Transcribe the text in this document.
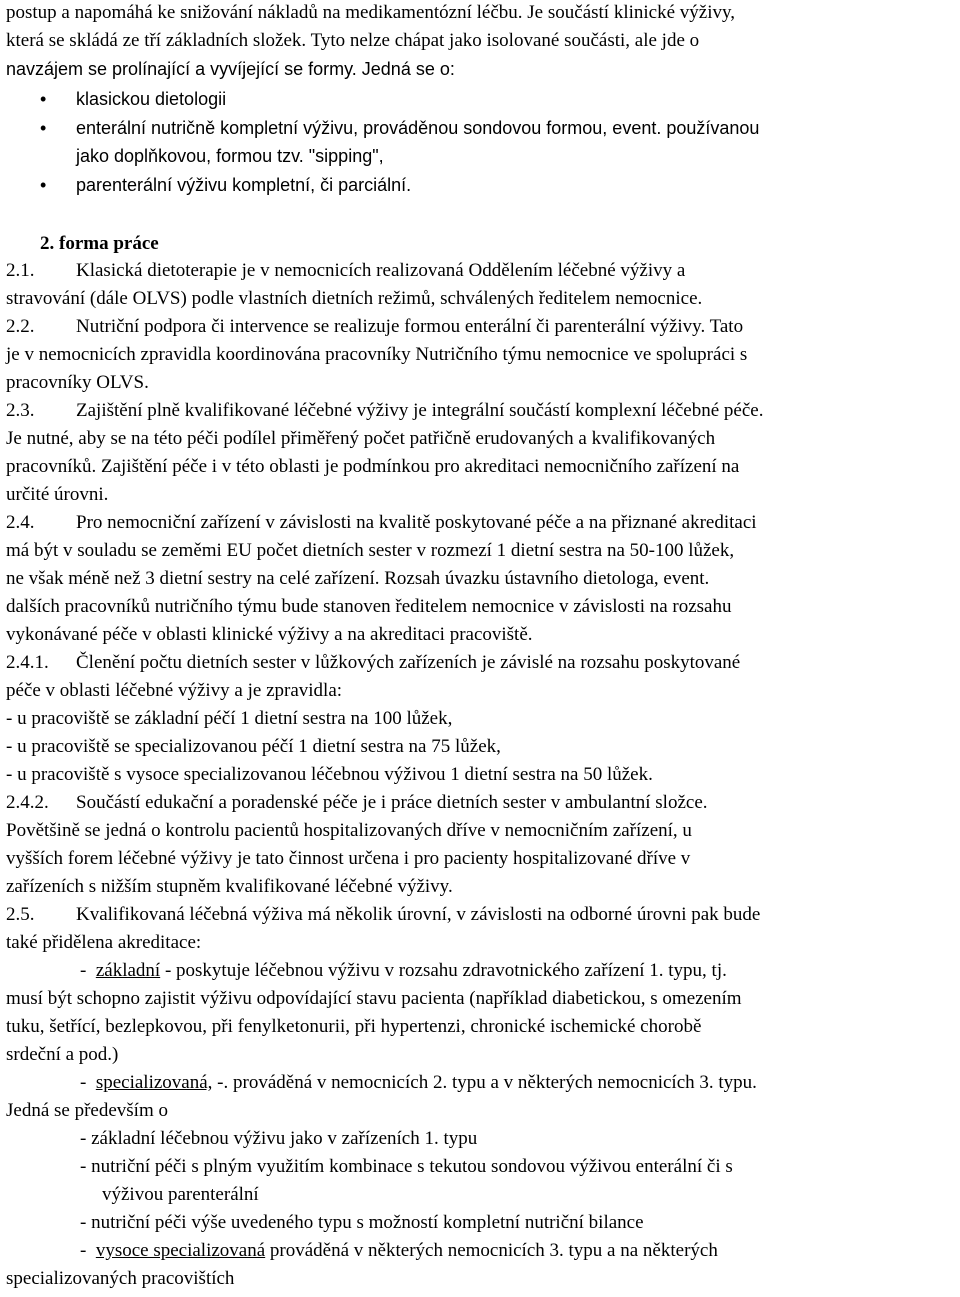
postup a napomáhá ke snižování nákladů na medikamentózní léčbu. Je součástí klinické výživy,
která se skládá ze tří základních složek. Tyto nelze chápat jako isolované součásti, ale jde o
navzájem se prolínající a vyvíjející se formy. Jedná se o:
• klasickou dietologii
• enterální nutričně kompletní výživu, prováděnou sondovou formou, event. používanou
jako doplňkovou, formou tzv. "sipping",
• parenterální výživu kompletní, či parciální.
2. forma práce
2.1. Klasická dietoterapie je v nemocnicích realizovaná Oddělením léčebné výživy a
stravování (dále OLVS) podle vlastních dietních režimů, schválených ředitelem nemocnice.
2.2. Nutriční podpora či intervence se realizuje formou enterální či parenterální výživy. Tato
je v nemocnicích zpravidla koordinována pracovníky Nutričního týmu nemocnice ve spolupráci s
pracovníky OLVS.
2.3. Zajištění plně kvalifikované léčebné výživy je integrální součástí komplexní léčebné péče.
Je nutné, aby se na této péči podílel přiměřený počet patřičně erudovaných a kvalifikovaných
pracovníků. Zajištění péče i v této oblasti je podmínkou pro akreditaci nemocničního zařízení na
určité úrovni.
2.4. Pro nemocniční zařízení v závislosti na kvalitě poskytované péče a na přiznané akreditaci
má být v souladu se zeměmi EU počet dietních sester v rozmezí 1 dietní sestra na 50-100 lůžek,
ne však méně než 3 dietní sestry na celé zařízení. Rozsah úvazku ústavního dietologa, event.
dalších pracovníků nutričního týmu bude stanoven ředitelem nemocnice v závislosti na rozsahu
vykonávané péče v oblasti klinické výživy a na akreditaci pracoviště.
2.4.1. Členění počtu dietních sester v lůžkových zařízeních je závislé na rozsahu poskytované
péče v oblasti léčebné výživy a je zpravidla:
- u pracoviště se základní péčí 1 dietní sestra na 100 lůžek,
- u pracoviště se specializovanou péčí 1 dietní sestra na 75 lůžek,
- u pracoviště s vysoce specializovanou léčebnou výživou 1 dietní sestra na 50 lůžek.
2.4.2. Součástí edukační a poradenské péče je i práce dietních sester v ambulantní složce.
Povětšině se jedná o kontrolu pacientů hospitalizovaných dříve v nemocničním zařízení, u
vyšších forem léčebné výživy je tato činnost určena i pro pacienty hospitalizované dříve v
zařízeních s nižším stupněm kvalifikované léčebné výživy.
2.5. Kvalifikovaná léčebná výživa má několik úrovní, v závislosti na odborné úrovni pak bude
také přidělena akreditace:
- základní - poskytuje léčebnou výživu v rozsahu zdravotnického zařízení 1. typu, tj.
musí být schopno zajistit výživu odpovídající stavu pacienta (například diabetickou, s omezením
tuku, šetřící, bezlepkovou, při fenylketonurii, při hypertenzi, chronické ischemické chorobě
srdeční a pod.)
- specializovaná, -. prováděná v nemocnicích 2. typu a v některých nemocnicích 3. typu.
Jedná se především o
- základní léčebnou výživu jako v zařízeních 1. typu
- nutriční péči s plným využitím kombinace s tekutou sondovou výživou enterální či s
výživou parenterální
- nutriční péči výše uvedeného typu s možností kompletní nutriční bilance
- vysoce specializovaná prováděná v některých nemocnicích 3. typu a na některých
specializovaných pracovištích
